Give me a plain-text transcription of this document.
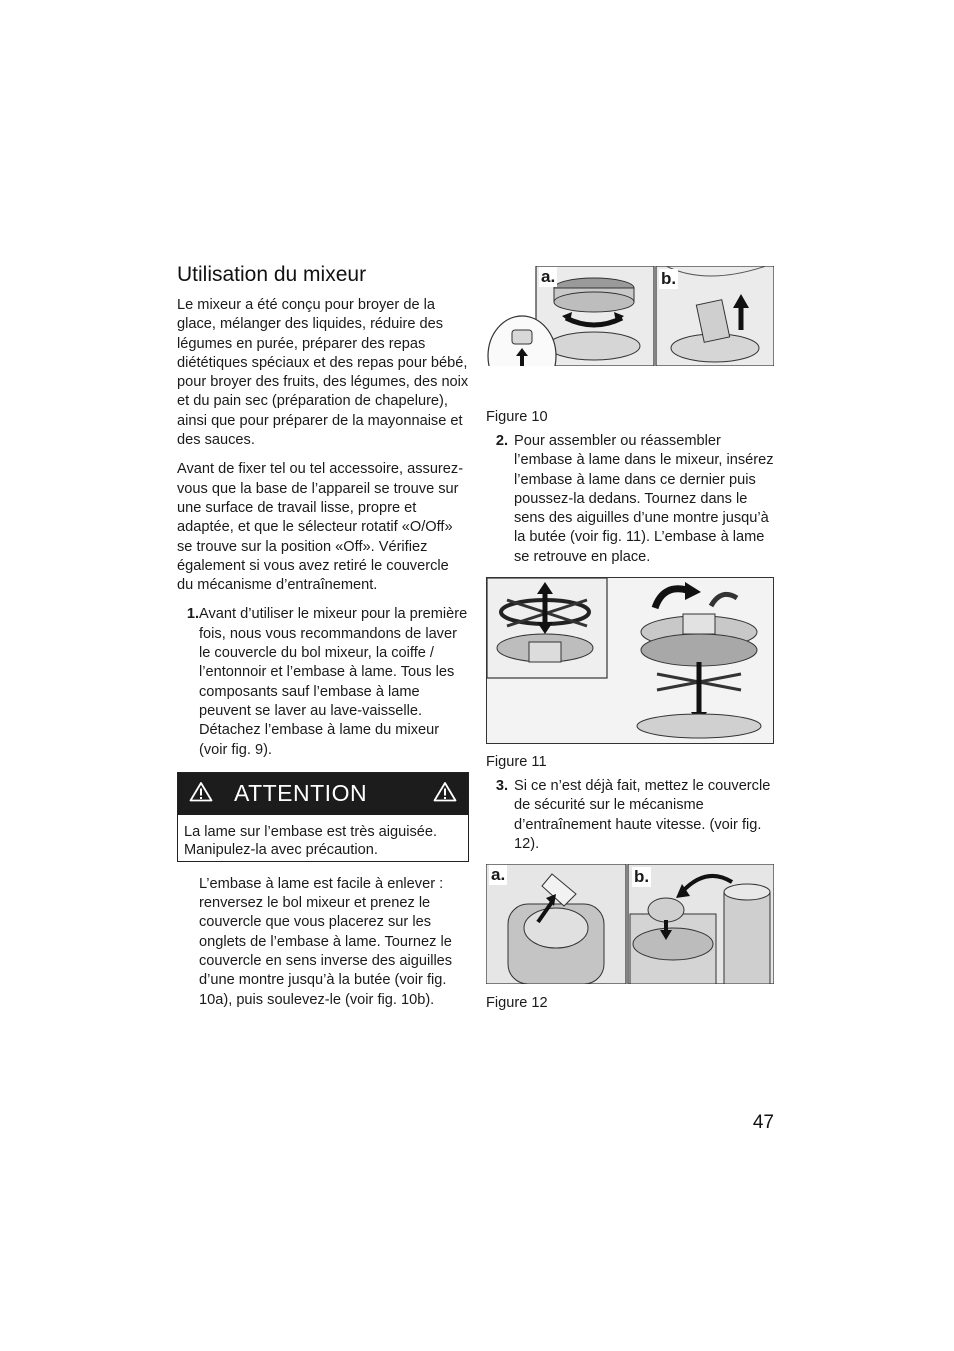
Utilisation du mixeur

Le mixeur a été conçu pour broyer de la glace, mélanger des liquides, réduire des légumes en purée, préparer des repas diététiques spéciaux et des repas pour bébé, pour broyer des fruits, des légumes, des noix et du pain sec (préparation de chapelure), ainsi que pour préparer de la mayonnaise et des sauces.

Avant de fixer tel ou tel accessoire, assurez-vous que la base de l’appareil se trouve sur une surface de travail lisse, propre et adaptée, et que le sélecteur rotatif «O/Off» se trouve sur la position «Off». Vérifiez également si vous avez retiré le couvercle du mécanisme d’entraînement.

1. Avant d’utiliser le mixeur pour la première fois, nous vous recommandons de laver le couvercle du bol mixeur, la coiffe / l’entonnoir et l’embase à lame. Tous les composants sauf l’embase à lame peuvent se laver au lave-vaisselle. Détachez l’embase à lame du mixeur (voir fig. 9).
ATTENTION
La lame sur l’embase est très aiguisée. Manipulez-la avec précaution.

L’embase à lame est facile à enlever : renversez le bol mixeur et prenez le couvercle que vous placerez sur les onglets de l’embase à lame. Tournez le couvercle en sens inverse des aiguilles d’une montre jusqu’à la butée (voir fig. 10a), puis soulevez-le (voir fig. 10b).

a.	b.
Figure 10
2. Pour assembler ou réassembler l’embase à lame dans le mixeur, insérez l’embase à lame dans ce dernier puis poussez-la dedans. Tournez dans le sens des aiguilles d’une montre jusqu’à la butée (voir fig. 11). L’embase à lame se retrouve en place.
Figure 11
3. Si ce n’est déjà fait, mettez le couvercle de sécurité sur le mécanisme d’entraînement haute vitesse. (voir fig. 12).
a.	b.
Figure 12
47
